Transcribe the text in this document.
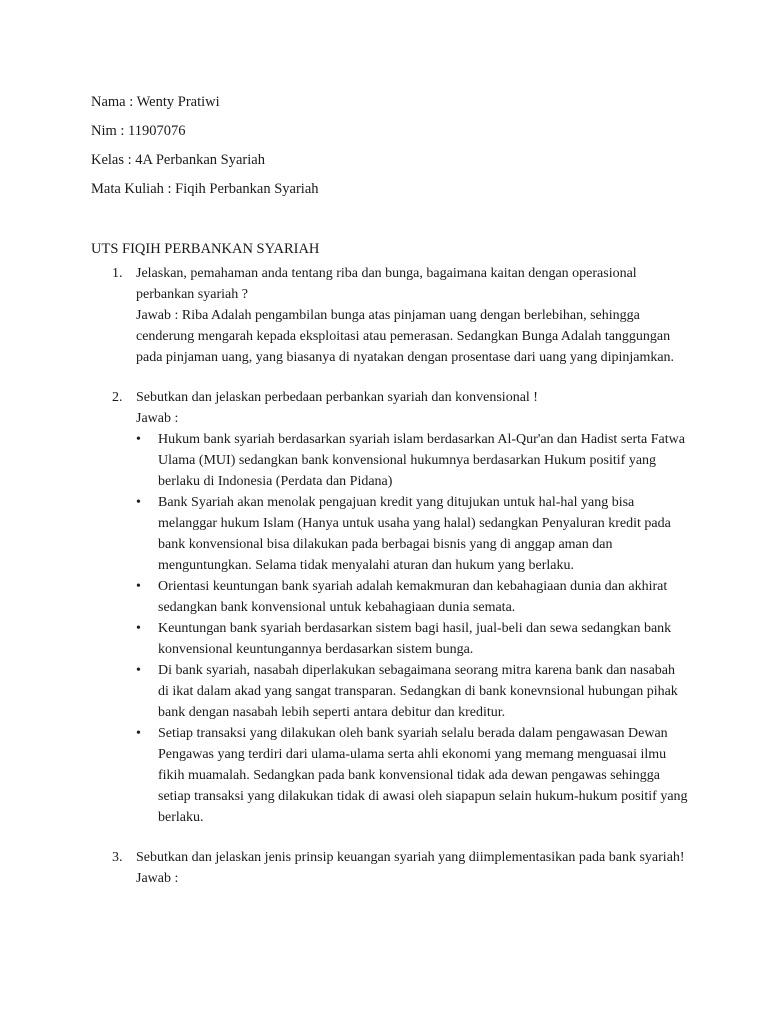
Nama : Wenty Pratiwi
Nim : 11907076
Kelas : 4A Perbankan Syariah
Mata Kuliah : Fiqih Perbankan Syariah
UTS FIQIH PERBANKAN SYARIAH
1. Jelaskan, pemahaman anda tentang riba dan bunga, bagaimana kaitan dengan operasional perbankan syariah ?

Jawab : Riba Adalah pengambilan bunga atas pinjaman uang dengan berlebihan, sehingga cenderung mengarah kepada eksploitasi atau pemerasan. Sedangkan Bunga Adalah tanggungan pada pinjaman uang, yang biasanya di nyatakan dengan prosentase dari uang yang dipinjamkan.

2. Sebutkan dan jelaskan perbedaan perbankan syariah dan konvensional !

Jawab :

• Hukum bank syariah berdasarkan syariah islam berdasarkan Al-Qur'an dan Hadist serta Fatwa Ulama (MUI) sedangkan bank konvensional hukumnya berdasarkan Hukum positif yang berlaku di Indonesia (Perdata dan Pidana)
• Bank Syariah akan menolak pengajuan kredit yang ditujukan untuk hal-hal yang bisa melanggar hukum Islam (Hanya untuk usaha yang halal) sedangkan Penyaluran kredit pada bank konvensional bisa dilakukan pada berbagai bisnis yang di anggap aman dan menguntungkan. Selama tidak menyalahi aturan dan hukum yang berlaku.
• Orientasi keuntungan bank syariah adalah kemakmuran dan kebahagiaan dunia dan akhirat sedangkan bank konvensional untuk kebahagiaan dunia semata.
• Keuntungan bank syariah berdasarkan sistem bagi hasil, jual-beli dan sewa sedangkan bank konvensional keuntungannya berdasarkan sistem bunga.
• Di bank syariah, nasabah diperlakukan sebagaimana seorang mitra karena bank dan nasabah di ikat dalam akad yang sangat transparan. Sedangkan di bank konevnsional hubungan pihak bank dengan nasabah lebih seperti antara debitur dan kreditur.
• Setiap transaksi yang dilakukan oleh bank syariah selalu berada dalam pengawasan Dewan Pengawas yang terdiri dari ulama-ulama serta ahli ekonomi yang memang menguasai ilmu fikih muamalah. Sedangkan pada bank konvensional tidak ada dewan pengawas sehingga setiap transaksi yang dilakukan tidak di awasi oleh siapapun selain hukum-hukum positif yang berlaku.
3. Sebutkan dan jelaskan jenis prinsip keuangan syariah yang diimplementasikan pada bank syariah!

Jawab :
